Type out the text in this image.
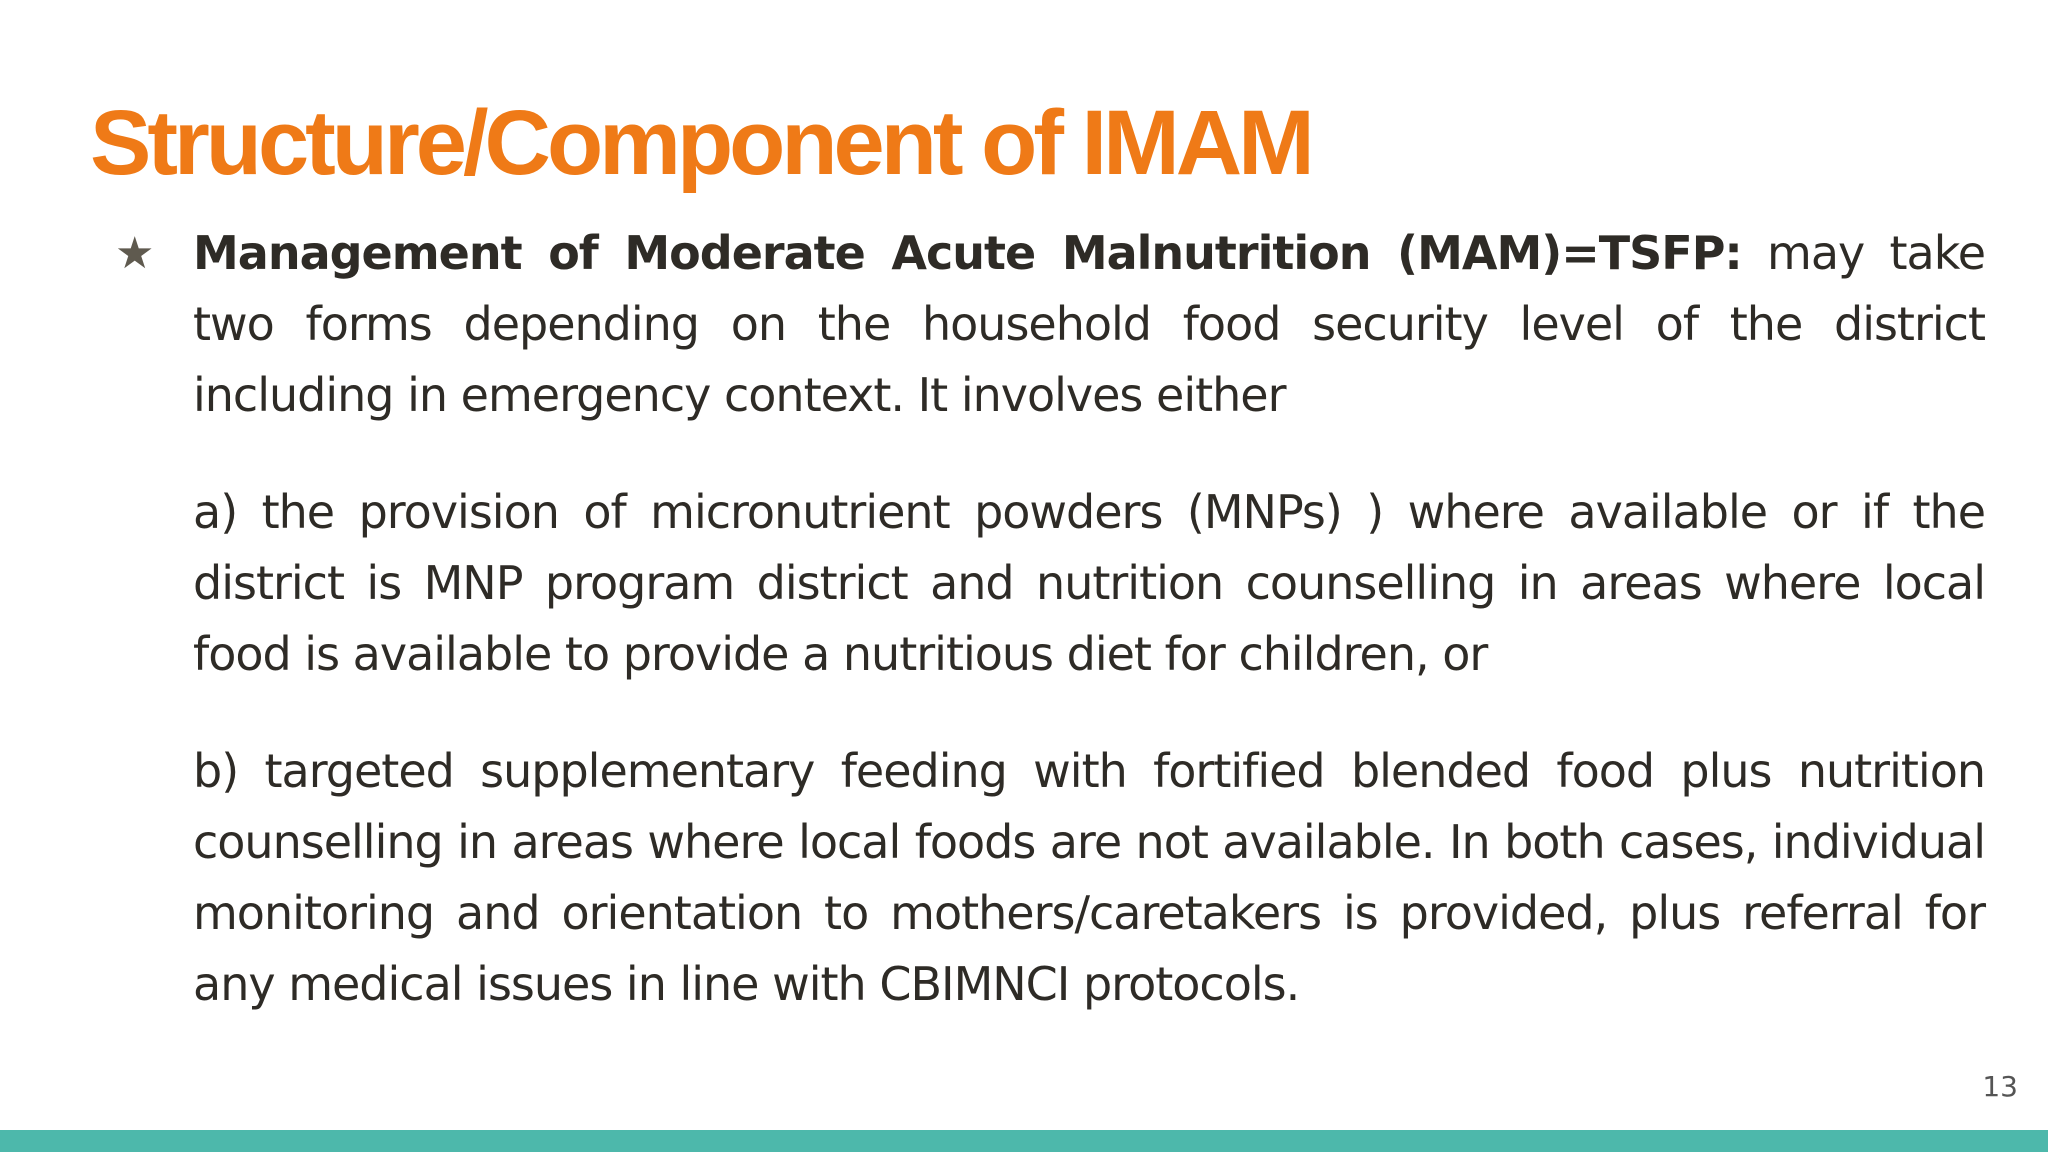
Structure/Component of IMAM

★ Management of Moderate Acute Malnutrition (MAM)=TSFP: may take two forms depending on the household food security level of the district including in emergency context. It involves either

a) the provision of micronutrient powders (MNPs) ) where available or if the district is MNP program district and nutrition counselling in areas where local food is available to provide a nutritious diet for children, or

b) targeted supplementary feeding with fortified blended food plus nutrition counselling in areas where local foods are not available. In both cases, individual monitoring and orientation to mothers/caretakers is provided, plus referral for any medical issues in line with CBIMNCI protocols.

13
